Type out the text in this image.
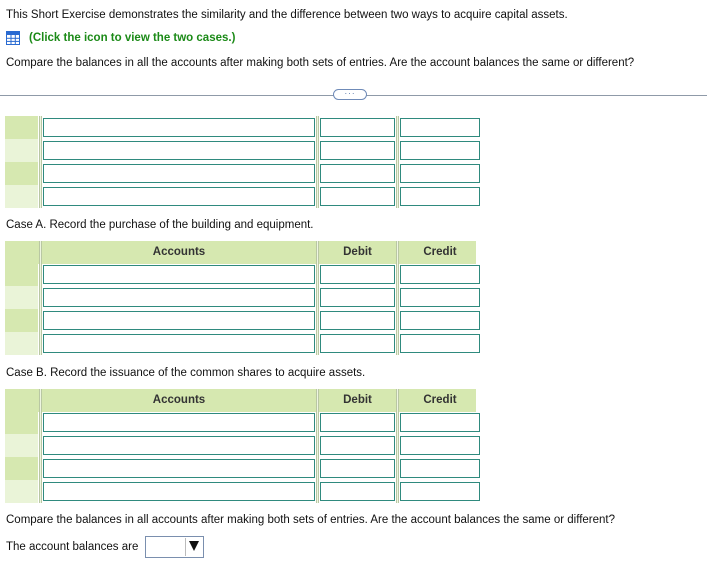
This Short Exercise demonstrates the similarity and the difference between two ways to acquire capital assets.
(Click the icon to view the two cases.)
Compare the balances in all the accounts after making both sets of entries. Are the account balances the same or different?
···
Case A. Record the purchase of the building and equipment.
Accounts	Debit	Credit
Case B. Record the issuance of the common shares to acquire assets.
Accounts	Debit	Credit
Compare the balances in all accounts after making both sets of entries. Are the account balances the same or different?
The account balances are
